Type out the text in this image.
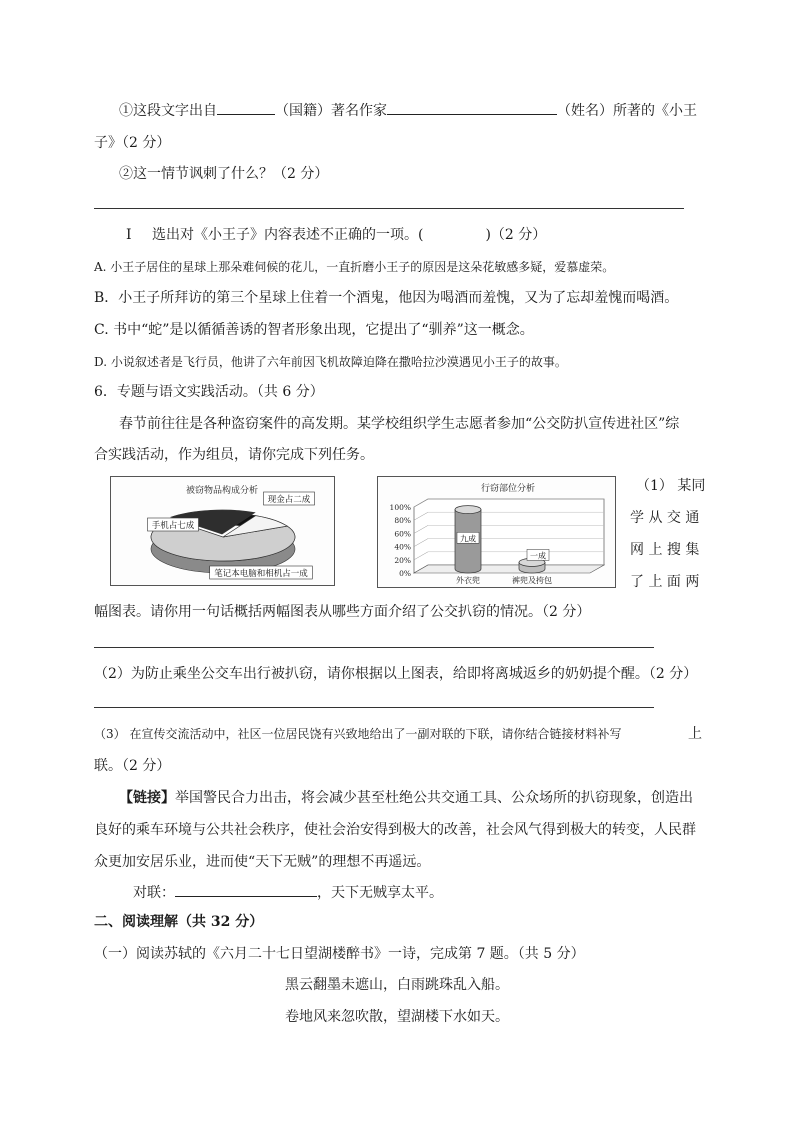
①这段文字出自	（国籍）著名作家	（姓名）所著的《小王
子》（2 分）
②这一情节讽刺了什么？（2 分）
I 选出对《小王子》内容表述不正确的一项。(	)（2 分）
A. 小王子居住的星球上那朵难伺候的花儿，一直折磨小王子的原因是这朵花敏感多疑，爱慕虚荣。
B．小王子所拜访的第三个星球上住着一个酒鬼，他因为喝酒而羞愧，又为了忘却羞愧而喝酒。
C. 书中“蛇”是以循循善诱的智者形象出现，它提出了“驯养”这一概念。
D. 小说叙述者是飞行员，他讲了六年前因飞机故障迫降在撒哈拉沙漠遇见小王子的故事。
6．专题与语文实践活动。（共 6 分）
春节前往往是各种盗窃案件的高发期。某学校组织学生志愿者参加“公交防扒宣传进社区”综
合实践活动，作为组员，请你完成下列任务。
被窃物品构成分析
手机占七成
现金占二成
笔记本电脑和相机占一成
行窃部位分析
0%
20%
40%
60%
80%
100%
九成
外衣兜
一成
裤兜及挎包
（1） 某同
学 从 交 通
网 上 搜 集
了 上 面 两
幅图表。请你用一句话概括两幅图表从哪些方面介绍了公交扒窃的情况。（2 分）
（2）为防止乘坐公交车出行被扒窃，请你根据以上图表，给即将离城返乡的奶奶提个醒。（2 分）
（3） 在宣传交流活动中，社区一位居民饶有兴致地给出了一副对联的下联，请你结合链接材料补写	上
联。（2 分）
【链接】举国警民合力出击，将会减少甚至杜绝公共交通工具、公众场所的扒窃现象，创造出
良好的乘车环境与公共社会秩序，使社会治安得到极大的改善，社会风气得到极大的转变，人民群
众更加安居乐业，进而使“天下无贼”的理想不再遥远。
对联：	，天下无贼享太平。
二、阅读理解（共 32 分）
（一）阅读苏轼的《六月二十七日望湖楼醉书》一诗，完成第 7 题。（共 5 分）
黑云翻墨未遮山，白雨跳珠乱入船。
卷地风来忽吹散，望湖楼下水如天。
